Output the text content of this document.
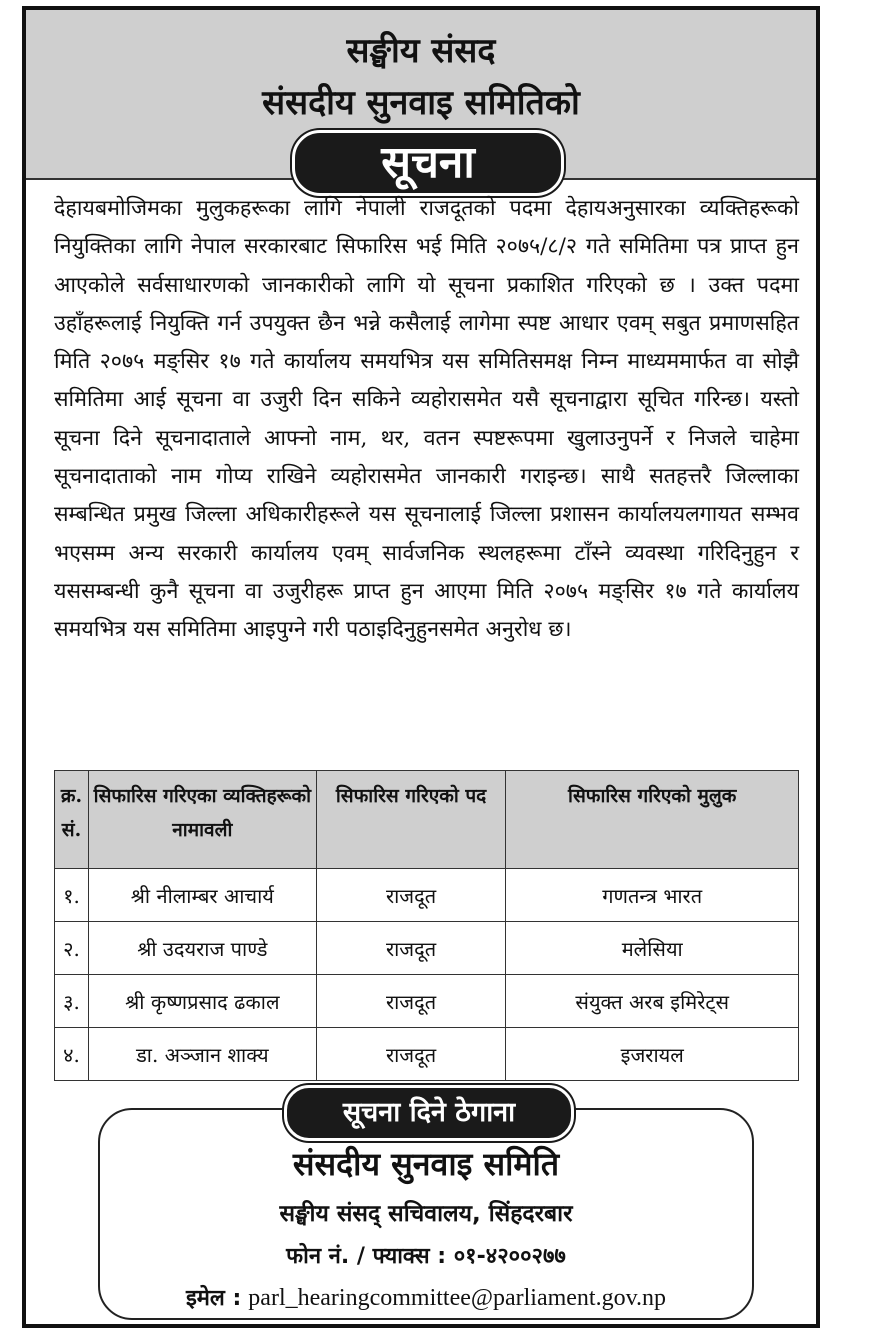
सङ्घीय संसद
संसदीय सुनवाइ समितिको
सूचना

देहायबमोजिमका मुलुकहरूका लागि नेपाली राजदूतको पदमा देहायअनुसारका व्यक्तिहरूको नियुक्तिका लागि नेपाल सरकारबाट सिफारिस भई मिति २०७५/८/२ गते समितिमा पत्र प्राप्त हुन आएकोले सर्वसाधारणको जानकारीको लागि यो सूचना प्रकाशित गरिएको छ । उक्त पदमा उहाँहरूलाई नियुक्ति गर्न उपयुक्त छैन भन्ने कसैलाई लागेमा स्पष्ट आधार एवम् सबुत प्रमाणसहित मिति २०७५ मङ्सिर १७ गते कार्यालय समयभित्र यस समितिसमक्ष निम्न माध्यममार्फत वा सोझै समितिमा आई सूचना वा उजुरी दिन सकिने व्यहोरासमेत यसै सूचनाद्वारा सूचित गरिन्छ। यस्तो सूचना दिने सूचनादाताले आफ्नो नाम, थर, वतन स्पष्टरूपमा खुलाउनुपर्ने र निजले चाहेमा सूचनादाताको नाम गोप्य राखिने व्यहोरासमेत जानकारी गराइन्छ। साथै सतहत्तरै जिल्लाका सम्बन्धित प्रमुख जिल्ला अधिकारीहरूले यस सूचनालाई जिल्ला प्रशासन कार्यालयलगायत सम्भव भएसम्म अन्य सरकारी कार्यालय एवम् सार्वजनिक स्थलहरूमा टाँस्ने व्यवस्था गरिदिनुहुन र यससम्बन्धी कुनै सूचना वा उजुरीहरू प्राप्त हुन आएमा मिति २०७५ मङ्सिर १७ गते कार्यालय समयभित्र यस समितिमा आइपुग्ने गरी पठाइदिनुहुनसमेत अनुरोध छ।

क्र. सं.	सिफारिस गरिएका व्यक्तिहरूको नामावली	सिफारिस गरिएको पद	सिफारिस गरिएको मुलुक
१.	श्री नीलाम्बर आचार्य	राजदूत	गणतन्त्र भारत
२.	श्री उदयराज पाण्डे	राजदूत	मलेसिया
३.	श्री कृष्णप्रसाद ढकाल	राजदूत	संयुक्त अरब इमिरेट्स
४.	डा. अञ्जान शाक्य	राजदूत	इजरायल
सूचना दिने ठेगाना
संसदीय सुनवाइ समिति
सङ्घीय संसद् सचिवालय, सिंहदरबार
फोन नं. / फ्याक्स : ०१-४२००२७७
इमेल : parl_hearingcommittee@parliament.gov.np
